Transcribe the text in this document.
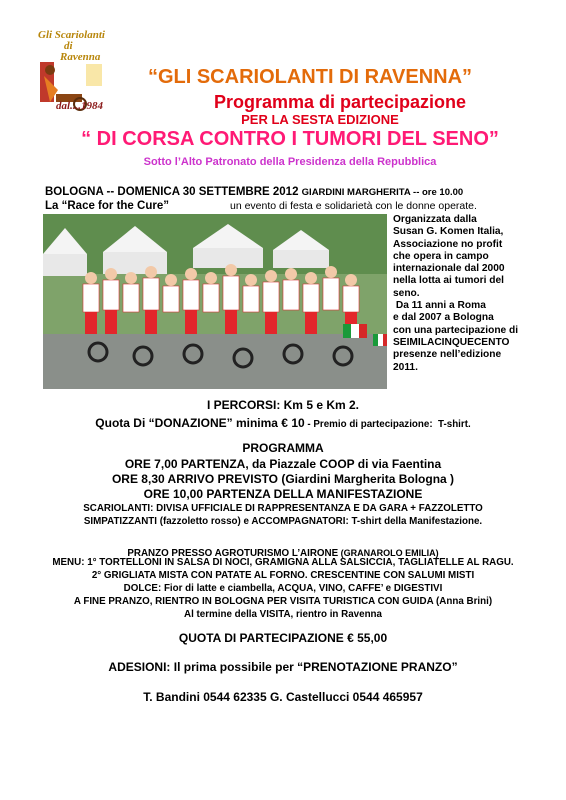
Gli Scariolanti
di
Ravenna
dal....1984
“GLI SCARIOLANTI DI RAVENNA”
Programma di partecipazione
PER LA SESTA EDIZIONE
“ DI CORSA CONTRO I TUMORI DEL SENO”
Sotto l’Alto Patronato della Presidenza della Repubblica
BOLOGNA -- DOMENICA 30 SETTEMBRE 2012 GIARDINI MARGHERITA -- ore 10.00
La “Race for the Cure”	un evento di festa e solidarietà con le donne operate.
Organizzata dalla
Susan G. Komen Italia,
Associazione no profit
che opera in campo
internazionale dal 2000
nella lotta ai tumori del
seno.
Da 11 anni a Roma
e dal 2007 a Bologna
con una partecipazione di
SEIMILACINQUECENTO
presenze nell’edizione
2011.
I PERCORSI: Km 5 e Km 2.
Quota Di “DONAZIONE” minima € 10 - Premio di partecipazione:  T-shirt.
PROGRAMMA
ORE 7,00 PARTENZA, da Piazzale COOP di via Faentina
ORE 8,30 ARRIVO PREVISTO (Giardini Margherita Bologna )
ORE 10,00 PARTENZA DELLA MANIFESTAZIONE
SCARIOLANTI: DIVISA UFFICIALE DI RAPPRESENTANZA E DA GARA + FAZZOLETTO
SIMPATIZZANTI (fazzoletto rosso) e ACCOMPAGNATORI: T-shirt della Manifestazione.
PRANZO PRESSO AGROTURISMO L’AIRONE (GRANAROLO EMILIA)
MENU: 1° TORTELLONI IN SALSA DI NOCI, GRAMIGNA ALLA SALSICCIA, TAGLIATELLE AL RAGU.
2° GRIGLIATA MISTA CON PATATE AL FORNO. CRESCENTINE CON SALUMI MISTI
DOLCE: Fior di latte e ciambella, ACQUA, VINO, CAFFE’ e DIGESTIVI
A FINE PRANZO, RIENTRO IN BOLOGNA PER VISITA TURISTICA CON GUIDA (Anna Brini)
Al termine della VISITA, rientro in Ravenna
QUOTA DI PARTECIPAZIONE € 55,00
ADESIONI: Il prima possibile per “PRENOTAZIONE PRANZO”
T. Bandini 0544 62335 G. Castellucci 0544 465957
